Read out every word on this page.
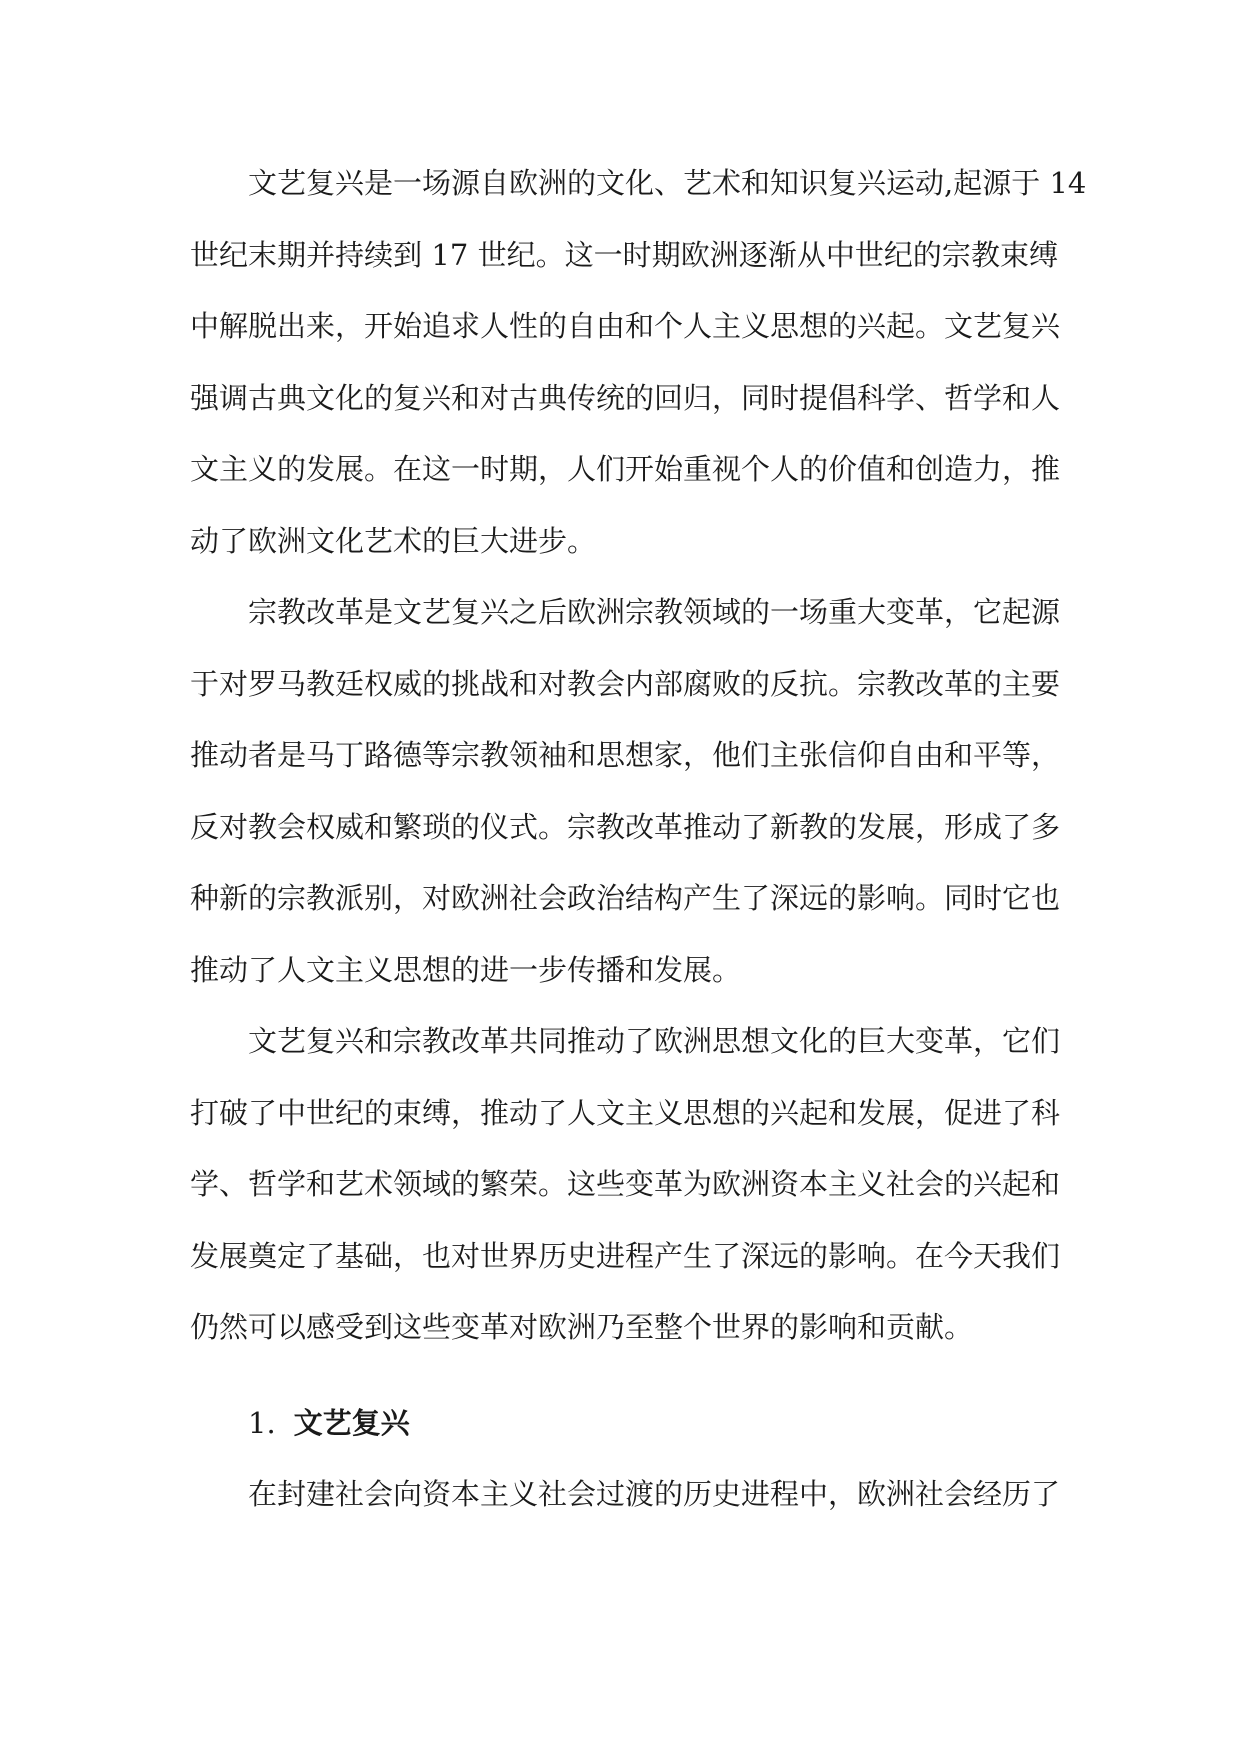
文艺复兴是一场源自欧洲的文化、艺术和知识复兴运动,起源于 14
世纪末期并持续到 17 世纪。这一时期欧洲逐渐从中世纪的宗教束缚
中解脱出来，开始追求人性的自由和个人主义思想的兴起。文艺复兴
强调古典文化的复兴和对古典传统的回归，同时提倡科学、哲学和人
文主义的发展。在这一时期，人们开始重视个人的价值和创造力，推
动了欧洲文化艺术的巨大进步。
宗教改革是文艺复兴之后欧洲宗教领域的一场重大变革，它起源
于对罗马教廷权威的挑战和对教会内部腐败的反抗。宗教改革的主要
推动者是马丁路德等宗教领袖和思想家，他们主张信仰自由和平等，
反对教会权威和繁琐的仪式。宗教改革推动了新教的发展，形成了多
种新的宗教派别，对欧洲社会政治结构产生了深远的影响。同时它也
推动了人文主义思想的进一步传播和发展。
文艺复兴和宗教改革共同推动了欧洲思想文化的巨大变革，它们
打破了中世纪的束缚，推动了人文主义思想的兴起和发展，促进了科
学、哲学和艺术领域的繁荣。这些变革为欧洲资本主义社会的兴起和
发展奠定了基础，也对世界历史进程产生了深远的影响。在今天我们
仍然可以感受到这些变革对欧洲乃至整个世界的影响和贡献。
1. 文艺复兴
在封建社会向资本主义社会过渡的历史进程中，欧洲社会经历了
